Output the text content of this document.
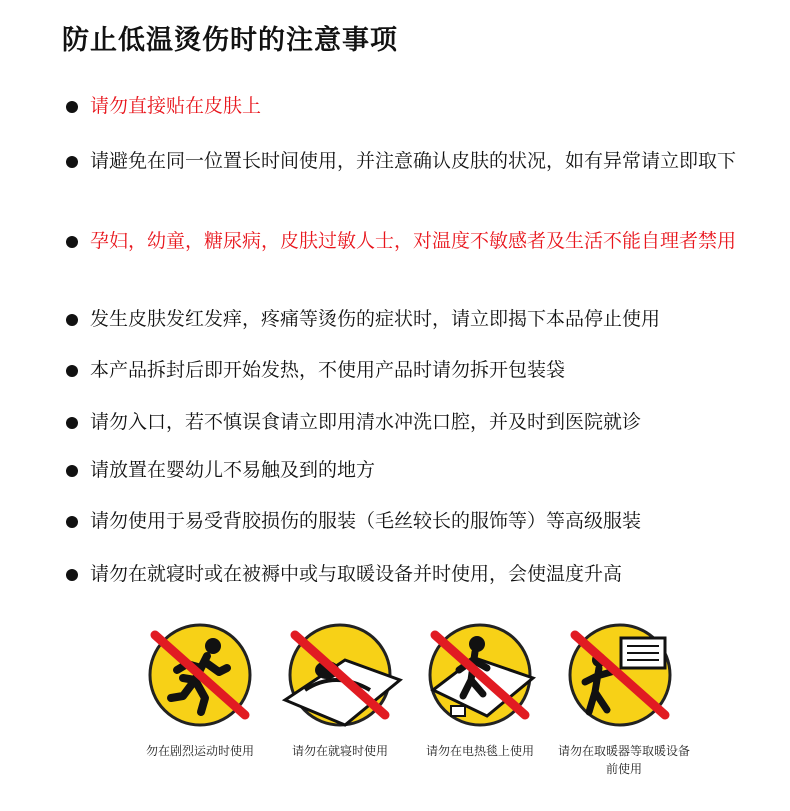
防止低温烫伤时的注意事项
请勿直接贴在皮肤上
请避免在同一位置长时间使用，并注意确认皮肤的状况，如有异常请立即取下
孕妇，幼童，糖尿病，皮肤过敏人士，对温度不敏感者及生活不能自理者禁用
发生皮肤发红发痒，疼痛等烫伤的症状时，请立即揭下本品停止使用
本产品拆封后即开始发热，不使用产品时请勿拆开包装袋
请勿入口，若不慎误食请立即用清水冲洗口腔，并及时到医院就诊
请放置在婴幼儿不易触及到的地方
请勿使用于易受背胶损伤的服装（毛丝较长的服饰等）等高级服装
请勿在就寝时或在被褥中或与取暖设备并时使用，会使温度升高
勿在剧烈运动时使用	请勿在就寝时使用	请勿在电热毯上使用	请勿在取暖器等取暖设备前使用
